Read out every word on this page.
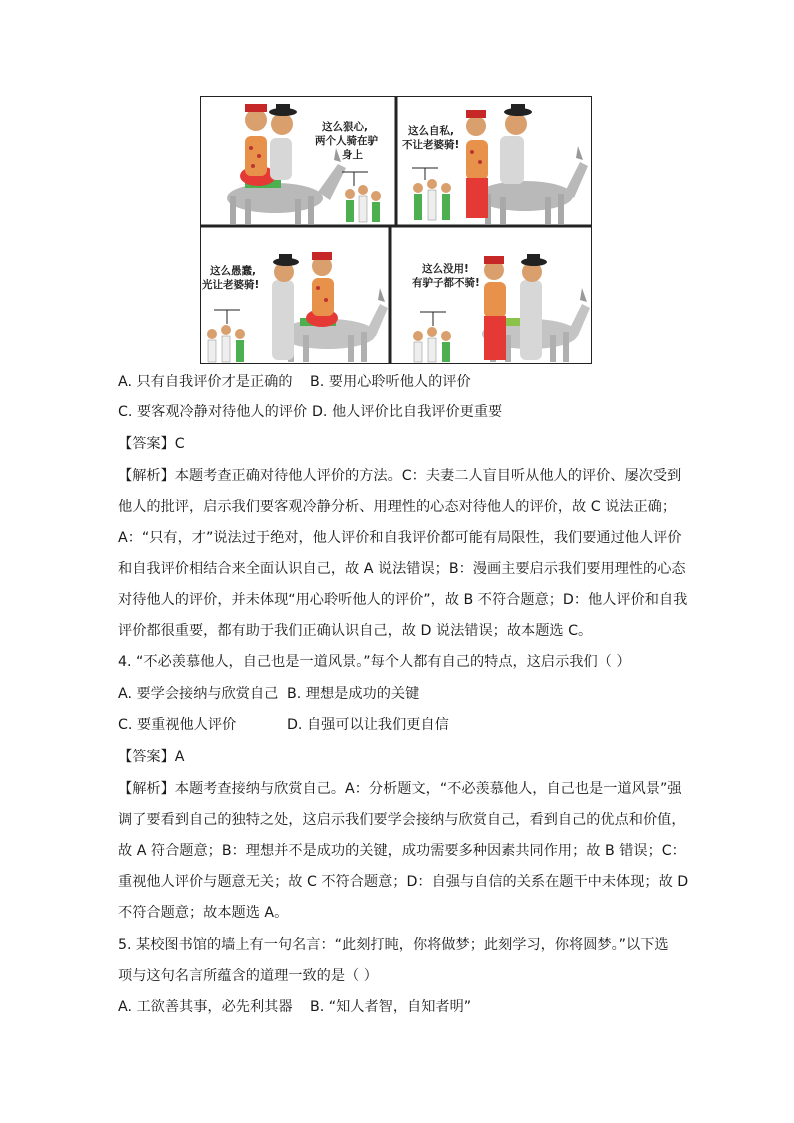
这么狠心,
两个人骑在驴
身上
这么自私,
不让老婆骑!
这么愚蠢,
光让老婆骑!
这么没用!
有驴子都不骑!
A. 只有自我评价才是正确的 B. 要用心聆听他人的评价
C. 要客观冷静对待他人的评价 D. 他人评价比自我评价更重要
【答案】C
【解析】本题考查正确对待他人评价的方法。C：夫妻二人盲目听从他人的评价、屡次受到
他人的批评，启示我们要客观冷静分析、用理性的心态对待他人的评价，故 C 说法正确；
A：“只有，才”说法过于绝对，他人评价和自我评价都可能有局限性，我们要通过他人评价
和自我评价相结合来全面认识自己，故 A 说法错误；B：漫画主要启示我们要用理性的心态
对待他人的评价，并未体现“用心聆听他人的评价”，故 B 不符合题意；D：他人评价和自我
评价都很重要，都有助于我们正确认识自己，故 D 说法错误；故本题选 C。
4. “不必羡慕他人，自己也是一道风景。”每个人都有自己的特点，这启示我们（ ）
A. 要学会接纳与欣赏自己 B. 理想是成功的关键
C. 要重视他人评价	D. 自强可以让我们更自信
【答案】A
【解析】本题考查接纳与欣赏自己。A：分析题文，“不必羡慕他人，自己也是一道风景”强
调了要看到自己的独特之处，这启示我们要学会接纳与欣赏自己，看到自己的优点和价值，
故 A 符合题意；B：理想并不是成功的关键，成功需要多种因素共同作用；故 B 错误；C：
重视他人评价与题意无关；故 C 不符合题意；D：自强与自信的关系在题干中未体现；故 D
不符合题意；故本题选 A。
5. 某校图书馆的墙上有一句名言：“此刻打盹，你将做梦；此刻学习，你将圆梦。”以下选
项与这句名言所蕴含的道理一致的是（ ）
A. 工欲善其事，必先利其器 B. “知人者智，自知者明”
